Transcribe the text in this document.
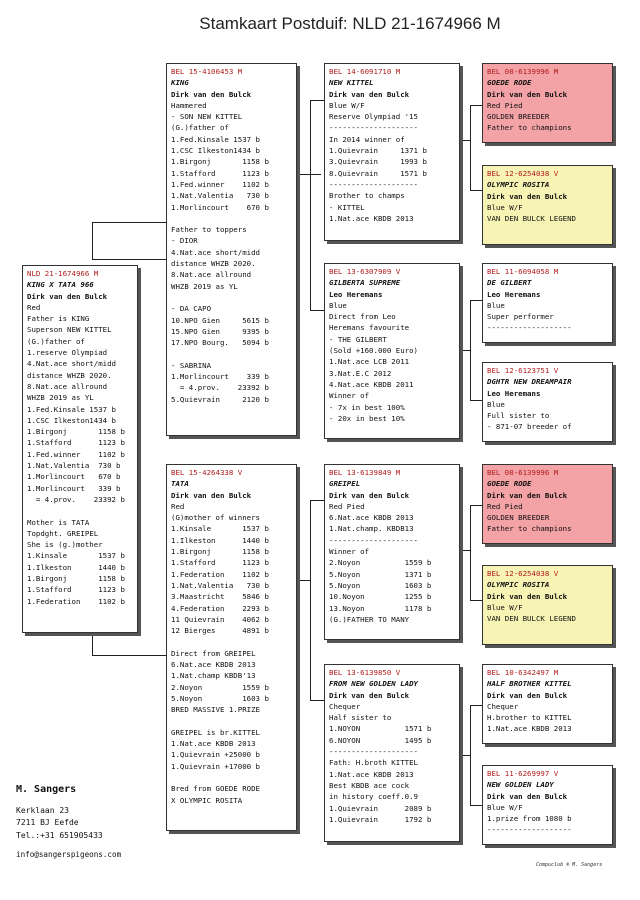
Stamkaart Postduif: NLD 21-1674966 M
NLD 21-1674966 M
KING X TATA 966
Dirk van den Bulck
Red
Father is KING
Superson NEW KITTEL
(G.)father of
1.reserve Olympiad
4.Nat.ace short/midd
distance WHZB 2020.
8.Nat.ace allround
WHZB 2019 as YL
1.Fed.Kinsale 1537 b
1.CSC Ilkeston1434 b
1.Birgonj       1158 b
1.Stafford      1123 b
1.Fed.winner    1102 b
1.Nat.Valentia  730 b
1.Morlincourt   670 b
1.Morlincourt   339 b
= 4.prov.    23392 b

Mother is TATA
Topdght. GREIPEL
She is (g.)mother
1.Kinsale       1537 b
1.Ilkeston      1440 b
1.Birgonj       1158 b
1.Stafford      1123 b
1.Federation    1102 b
BEL 15-4100453 M
KING
Dirk van den Bulck
Hammered
- SON NEW KITTEL
(G.)father of
1.Fed.Kinsale 1537 b
1.CSC Ilkeston1434 b
1.Birgonj       1158 b
1.Stafford      1123 b
1.Fed.winner    1102 b
1.Nat.Valentia   730 b
1.Morlincourt    670 b

Father to toppers
- DIOR
4.Nat.ace short/midd
distance WHZB 2020.
8.Nat.ace allround
WHZB 2019 as YL

- DA CAPO
10.NPO Gien     5615 b
15.NPO Gien     9395 b
17.NPO Bourg.   5094 b

- SABRINA
1.Morlincourt    339 b
= 4.prov.    23392 b
5.Quievrain     2120 b
BEL 15-4264338 V
TATA
Dirk van den Bulck
Red
(G)mother of winners
1.Kinsale       1537 b
1.Ilkeston      1440 b
1.Birgonj       1158 b
1.Stafford      1123 b
1.Federation    1102 b
1.Nat.Valentia   730 b
3.Maastricht    5846 b
4.Federation    2293 b
11 Quievrain    4062 b
12 Bierges      4891 b

Direct from GREIPEL
6.Nat.ace KBDB 2013
1.Nat.champ KBDB'13
2.Noyon         1559 b
5.Noyon         1603 b
BRED MASSIVE 1.PRIZE

GREIPEL is br.KITTEL
1.Nat.ace KBDB 2013
1.Quievrain +25000 b
1.Quievrain +17000 b

Bred from GOEDE RODE
X OLYMPIC ROSITA
BEL 14-6091710 M
NEW KITTEL
Dirk van den Bulck
Blue W/F
Reserve Olympiad '15
--------------------
In 2014 winner of
1.Quievrain     1371 b
3.Quievrain     1993 b
8.Quievrain     1571 b
--------------------
Brother to champs
- KITTEL
1.Nat.ace KBDB 2013
BEL 13-6307909 V
GILBERTA SUPREME
Leo Heremans
Blue
Direct from Leo
Heremans favourite
- THE GILBERT
(Sold +160.000 Euro)
1.Nat.ace LCB 2011
3.Nat.E.C 2012
4.Nat.ace KBDB 2011
Winner of
- 7x in best 100%
- 20x in best 10%
BEL 13-6139849 M
GREIPEL
Dirk van den Bulck
Red Pied
6.Nat.ace KBDB 2013
1.Nat.champ. KBDB13
--------------------
Winner of
2.Noyon          1559 b
5.Noyon          1371 b
5.Noyon          1603 b
10.Noyon         1255 b
13.Noyon         1178 b
(G.)FATHER TO MANY
BEL 13-6139850 V
FROM NEW GOLDEN LADY
Dirk van den Bulck
Chequer
Half sister to
1.NOYON          1571 b
6.NOYON          1495 b
--------------------
Fath: H.broth KITTEL
1.Nat.ace KBDB 2013
Best KBDB ace cock
in history coeff.0.9
1.Quievrain      2089 b
1.Quievrain      1792 b
BEL 08-6139996 M
GOEDE RODE
Dirk van den Bulck
Red Pied
GOLDEN BREEDER
Father to champions
BEL 12-6254038 V
OLYMPIC ROSITA
Dirk van den Bulck
Blue W/F
VAN DEN BULCK LEGEND
BEL 11-6094058 M
DE GILBERT
Leo Heremans
Blue
Super performer
-------------------
BEL 12-6123751 V
DGHTR NEW DREAMPAIR
Leo Heremans
Blue
Full sister to
- 871-07 breeder of
BEL 08-6139996 M
GOEDE RODE
Dirk van den Bulck
Red Pied
GOLDEN BREEDER
Father to champions
BEL 12-6254038 V
OLYMPIC ROSITA
Dirk van den Bulck
Blue W/F
VAN DEN BULCK LEGEND
BEL 10-6342497 M
HALF BROTHER KITTEL
Dirk van den Bulck
Chequer
H.brother to KITTEL
1.Nat.ace KBDB 2013
BEL 11-6269997 V
NEW GOLDEN LADY
Dirk van den Bulck
Blue W/F
1.prize from 1080 b
-------------------
M. Sangers
Kerklaan 23
7211 BJ Eefde
Tel.:+31 651905433
info@sangerspigeons.com
Compuclub ® M. Sangers
